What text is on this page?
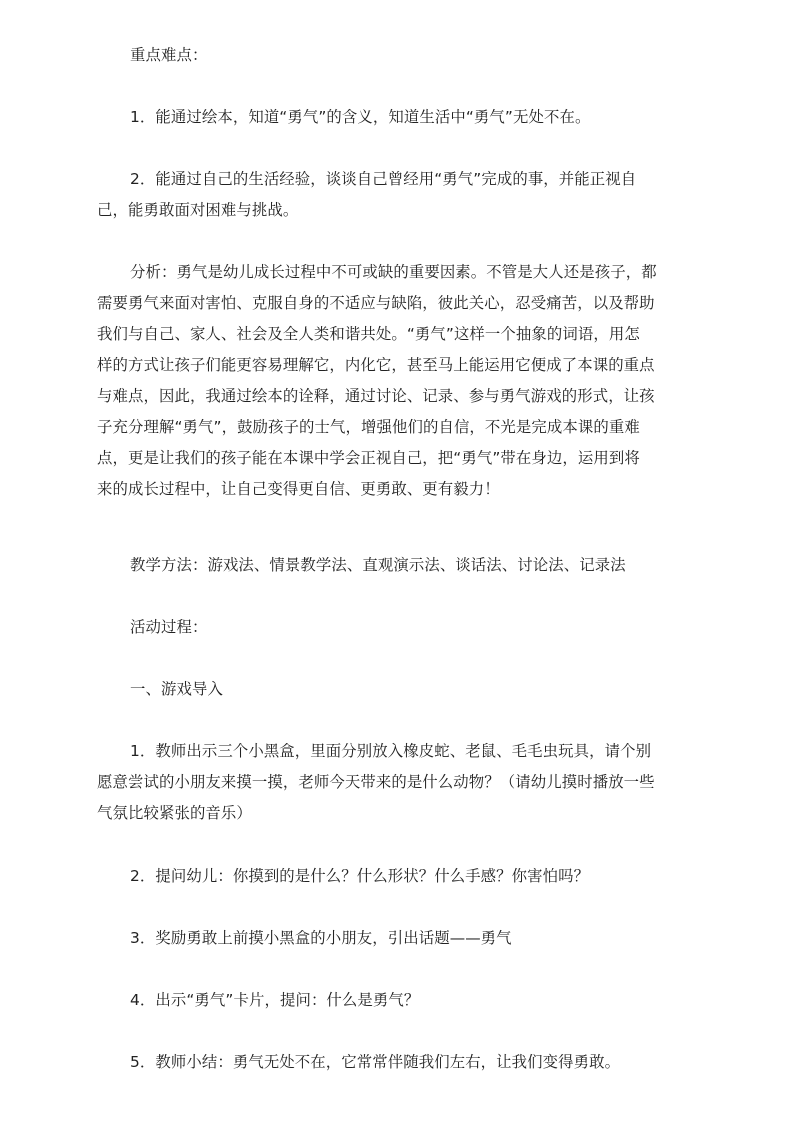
重点难点：

1．能通过绘本，知道“勇气”的含义，知道生活中“勇气”无处不在。

2．能通过自己的生活经验，谈谈自己曾经用“勇气”完成的事，并能正视自
己，能勇敢面对困难与挑战。

分析：勇气是幼儿成长过程中不可或缺的重要因素。不管是大人还是孩子，都
需要勇气来面对害怕、克服自身的不适应与缺陷，彼此关心，忍受痛苦，以及帮助
我们与自己、家人、社会及全人类和谐共处。“勇气”这样一个抽象的词语，用怎
样的方式让孩子们能更容易理解它，内化它，甚至马上能运用它便成了本课的重点
与难点，因此，我通过绘本的诠释，通过讨论、记录、参与勇气游戏的形式，让孩
子充分理解“勇气”，鼓励孩子的士气，增强他们的自信，不光是完成本课的重难
点，更是让我们的孩子能在本课中学会正视自己，把“勇气”带在身边，运用到将
来的成长过程中，让自己变得更自信、更勇敢、更有毅力！

教学方法：游戏法、情景教学法、直观演示法、谈话法、讨论法、记录法

活动过程：

一、游戏导入

1．教师出示三个小黑盒，里面分别放入橡皮蛇、老鼠、毛毛虫玩具，请个别
愿意尝试的小朋友来摸一摸，老师今天带来的是什么动物？（请幼儿摸时播放一些
气氛比较紧张的音乐）

2．提问幼儿：你摸到的是什么？什么形状？什么手感？你害怕吗？

3．奖励勇敢上前摸小黑盒的小朋友，引出话题——勇气

4．出示“勇气”卡片，提问：什么是勇气？

5．教师小结：勇气无处不在，它常常伴随我们左右，让我们变得勇敢。
